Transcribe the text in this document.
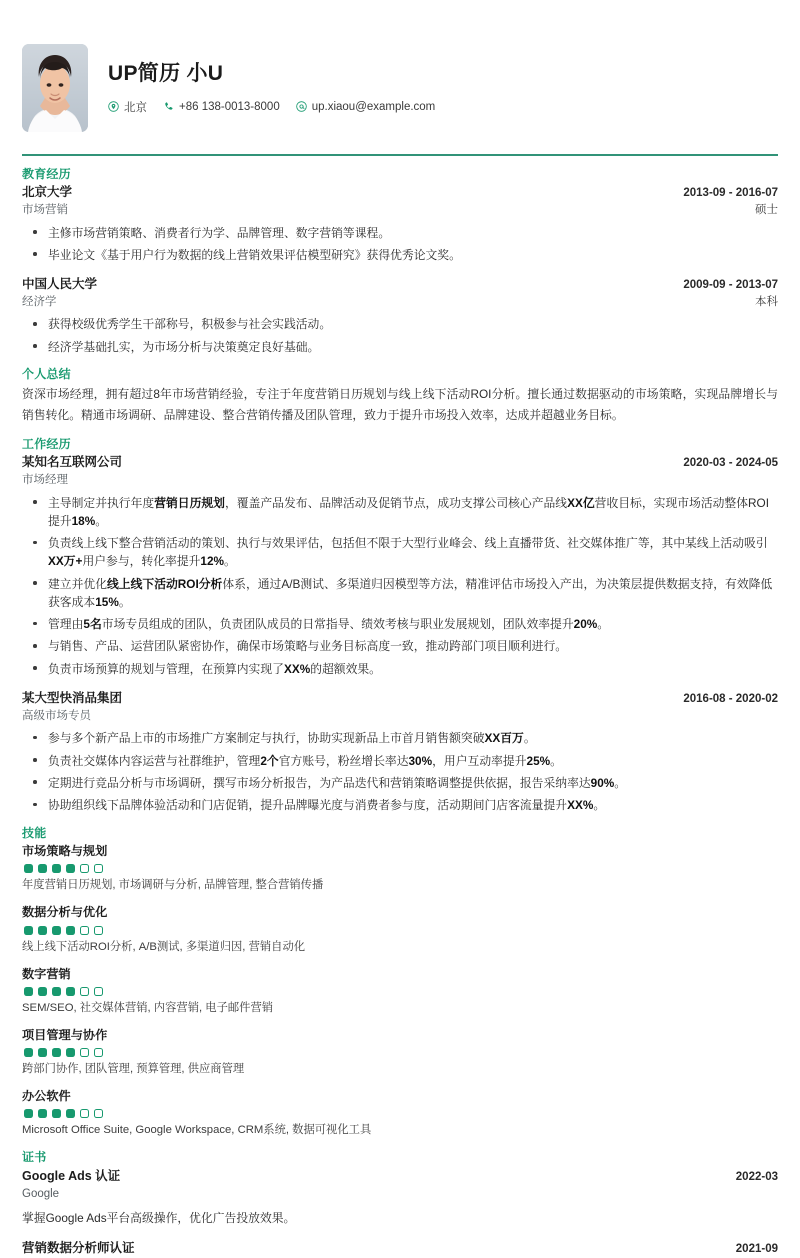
UP简历 小U
北京	+86 138-0013-8000	up.xiaou@example.com
教育经历
北京大学	2013-09 - 2016-07
市场营销	硕士
主修市场营销策略、消费者行为学、品牌管理、数字营销等课程。
毕业论文《基于用户行为数据的线上营销效果评估模型研究》获得优秀论文奖。
中国人民大学	2009-09 - 2013-07
经济学	本科
获得校级优秀学生干部称号，积极参与社会实践活动。
经济学基础扎实，为市场分析与决策奠定良好基础。
个人总结
资深市场经理，拥有超过8年市场营销经验，专注于年度营销日历规划与线上线下活动ROI分析。擅长通过数据驱动的市场策略，实现品牌增长与销售转化。精通市场调研、品牌建设、整合营销传播及团队管理，致力于提升市场投入效率，达成并超越业务目标。
工作经历
某知名互联网公司	2020-03 - 2024-05
市场经理
主导制定并执行年度营销日历规划，覆盖产品发布、品牌活动及促销节点，成功支撑公司核心产品线XX亿营收目标，实现市场活动整体ROI提升18%。
负责线上线下整合营销活动的策划、执行与效果评估，包括但不限于大型行业峰会、线上直播带货、社交媒体推广等，其中某线上活动吸引XX万+用户参与，转化率提升12%。
建立并优化线上线下活动ROI分析体系，通过A/B测试、多渠道归因模型等方法，精准评估市场投入产出，为决策层提供数据支持，有效降低获客成本15%。
管理由5名市场专员组成的团队，负责团队成员的日常指导、绩效考核与职业发展规划，团队效率提升20%。
与销售、产品、运营团队紧密协作，确保市场策略与业务目标高度一致，推动跨部门项目顺利进行。
负责市场预算的规划与管理，在预算内实现了XX%的超额效果。
某大型快消品集团	2016-08 - 2020-02
高级市场专员
参与多个新产品上市的市场推广方案制定与执行，协助实现新品上市首月销售额突破XX百万。
负责社交媒体内容运营与社群维护，管理2个官方账号，粉丝增长率达30%，用户互动率提升25%。
定期进行竞品分析与市场调研，撰写市场分析报告，为产品迭代和营销策略调整提供依据，报告采纳率达90%。
协助组织线下品牌体验活动和门店促销，提升品牌曝光度与消费者参与度，活动期间门店客流量提升XX%。
技能
市场策略与规划
年度营销日历规划, 市场调研与分析, 品牌管理, 整合营销传播
数据分析与优化
线上线下活动ROI分析, A/B测试, 多渠道归因, 营销自动化
数字营销
SEM/SEO, 社交媒体营销, 内容营销, 电子邮件营销
项目管理与协作
跨部门协作, 团队管理, 预算管理, 供应商管理
办公软件
Microsoft Office Suite, Google Workspace, CRM系统, 数据可视化工具
证书
Google Ads 认证	2022-03
Google
掌握Google Ads平台高级操作，优化广告投放效果。
营销数据分析师认证	2021-09
